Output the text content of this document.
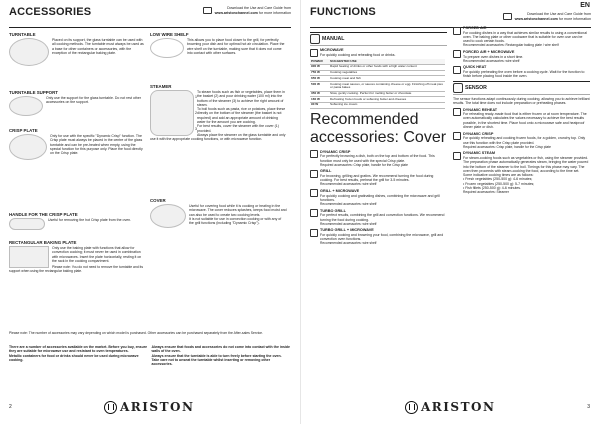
ACCESSORIES	Download the Use and Care Guide from
www.aristonchannel.com for more information
TURNTABLE
Placed on its support, the glass turntable can be used with all cooking methods. The turntable must always be used as a base for other containers or accessories, with the exception of the rectangular baking plate.
TURNTABLE SUPPORT
Only use the support for the glass turntable. Do not rest other accessories on the support.
CRISP PLATE
Only for use with the specific "Dynamic Crisp" function. The Crisp plate must always be placed in the centre of the glass turntable and can be pre-heated when empty, using the special function for this purpose only. Place the food directly on the Crisp plate.
HANDLE FOR THE CRISP PLATE
Useful for removing the hot Crisp plate from the oven.
RECTANGULAR BAKING PLATE
Only use the baking plate with functions that allow for convection cooking; it must never be used in combination with microwaves. Insert the plate horizontally, resting it on the rack in the cooking compartment.
Please note: You do not need to remove the turntable and its support when using the rectangular baking plate.
LOW WIRE SHELF
This allows you to place food closer to the grill, for perfectly browning your dish and for optimal hot air circulation. Place the wire shelf on the turntable, making sure that it does not come into contact with other surfaces.
STEAMER
1
2
3
To steam foods such as fish or vegetables, place them in the basket (2) and pour drinking water (100 ml) into the bottom of the steamer (3) to achieve the right amount of steam.
To boil foods such as pasta, rice or potatoes, place these directly on the bottom of the steamer (the basket is not required) and add an appropriate amount of drinking water for the amount you are cooking.
For best results, cover the steamer with the cover (1) provided.
Always place the steamer on the glass turntable and only use it with the appropriate cooking functions, or with microwave function.
COVER
Useful for covering food while it is cooking or heating in the microwave. The cover reduces splashes, keeps food moist and can also be used to create two cooking levels.
It is not suitable for use in convection cooking or with any of the grill functions (including "Dynamic Crisp").
Please note: The number of accessories may vary depending on which model is purchased. Other accessories can be purchased separately from the After-sales Service.

There are a number of accessories available on the market. Before you buy, ensure they are suitable for microwave use and resistant to oven temperatures.

Metallic containers for food or drinks should never be used during microwave cooking.

Always ensure that foods and accessories do not come into contact with the inside walls of the oven.

Always ensure that the turntable is able to turn freely before starting the oven. Take care not to unseat the turntable whilst inserting or removing other accessories.

2	ARISTON
EN
FUNCTIONS	Download the Use and Care Guide from
www.aristonchannel.com for more information
MANUAL
MICROWAVE
For quickly cooking and reheating food or drinks.
POWER	SUGGESTED USE
900 W	Rapid heating of drinks or other foods with a high water content
750 W	Cooking vegetables
650 W	Cooking meat and fish
500 W	Cooking meat sauces, or sauces containing cheese or egg. Finishing off meat pies or pasta bakes
350 W	Slow, gently cooking. Perfect for melting butter or chocolate
160 W	Defrosting frozen foods or softening butter and cheeses
90 W	Softening ice cream
Recommended accessories: Cover
DYNAMIC CRISP
For perfectly browning a dish, both on the top and bottom of the food. This function must only be used with the special Crisp plate.
Required accessories: Crisp plate, handle for the Crisp plate
GRILL
For browning, grilling and gratins. We recommend turning the food during cooking. For best results, preheat the grill for 3-5 minutes.
Recommended accessories: wire shelf
GRILL + MICROWAVE
For quickly cooking and gratinating dishes, combining the microwave and grill functions.
Recommended accessories: wire shelf
TURBO GRILL
For perfect results, combining the grill and convection functions. We recommend turning the food during cooking.
Recommended accessories: wire shelf
TURBO GRILL + MICROWAVE
For quickly cooking and browning your food, combining the microwave, grill and convection oven functions.
Recommended accessories: wire shelf
FORCED AIR
For cooking dishes in a way that achieves similar results to using a conventional oven. The baking plate or other cookware that is suitable for oven use can be used to cook certain foods.
Recommended accessories: Rectangular baking plate / wire shelf
FORCED AIR + MICROWAVE
To prepare oven dishes in a short time.
Recommended accessories: wire shelf
QUICK HEAT
For quickly preheating the oven before a cooking cycle. Wait for the function to finish before placing food inside the oven.
SENSOR
The sensor functions adapt continuously during cooking, allowing you to achieve brilliant results. The total time does not include preparation or preheating phases.
DYNAMIC REHEAT
For reheating ready-made food that is either frozen or at room temperature. The oven automatically calculates the values necessary to achieve the best results possible, in the shortest time. Place food onto a microwave safe and heatproof dinner plate or dish.
DYNAMIC CRISP
For quickly reheating and cooking frozen foods, for a golden, crunchy top. Only use this function with the Crisp plate provided.
Required accessories: Crisp plate, handle for the Crisp plate
DYNAMIC STEAM
For steam-cooking foods such as vegetables or fish, using the steamer provided. The preparation phase automatically generates steam, bringing the water poured into the bottom of the steamer to the boil. Timings for this phase may vary. The oven then proceeds with steam-cooking the food, according to the time set.
Some indicative cooking times are as follows:
• Fresh vegetables (250-500 g): 4-6 minutes;
• Frozen vegetables (250-500 g): 5-7 minutes;
• Fish fillets (250-500 g): 4-6 minutes.
Required accessories: Steamer
3
ARISTON
